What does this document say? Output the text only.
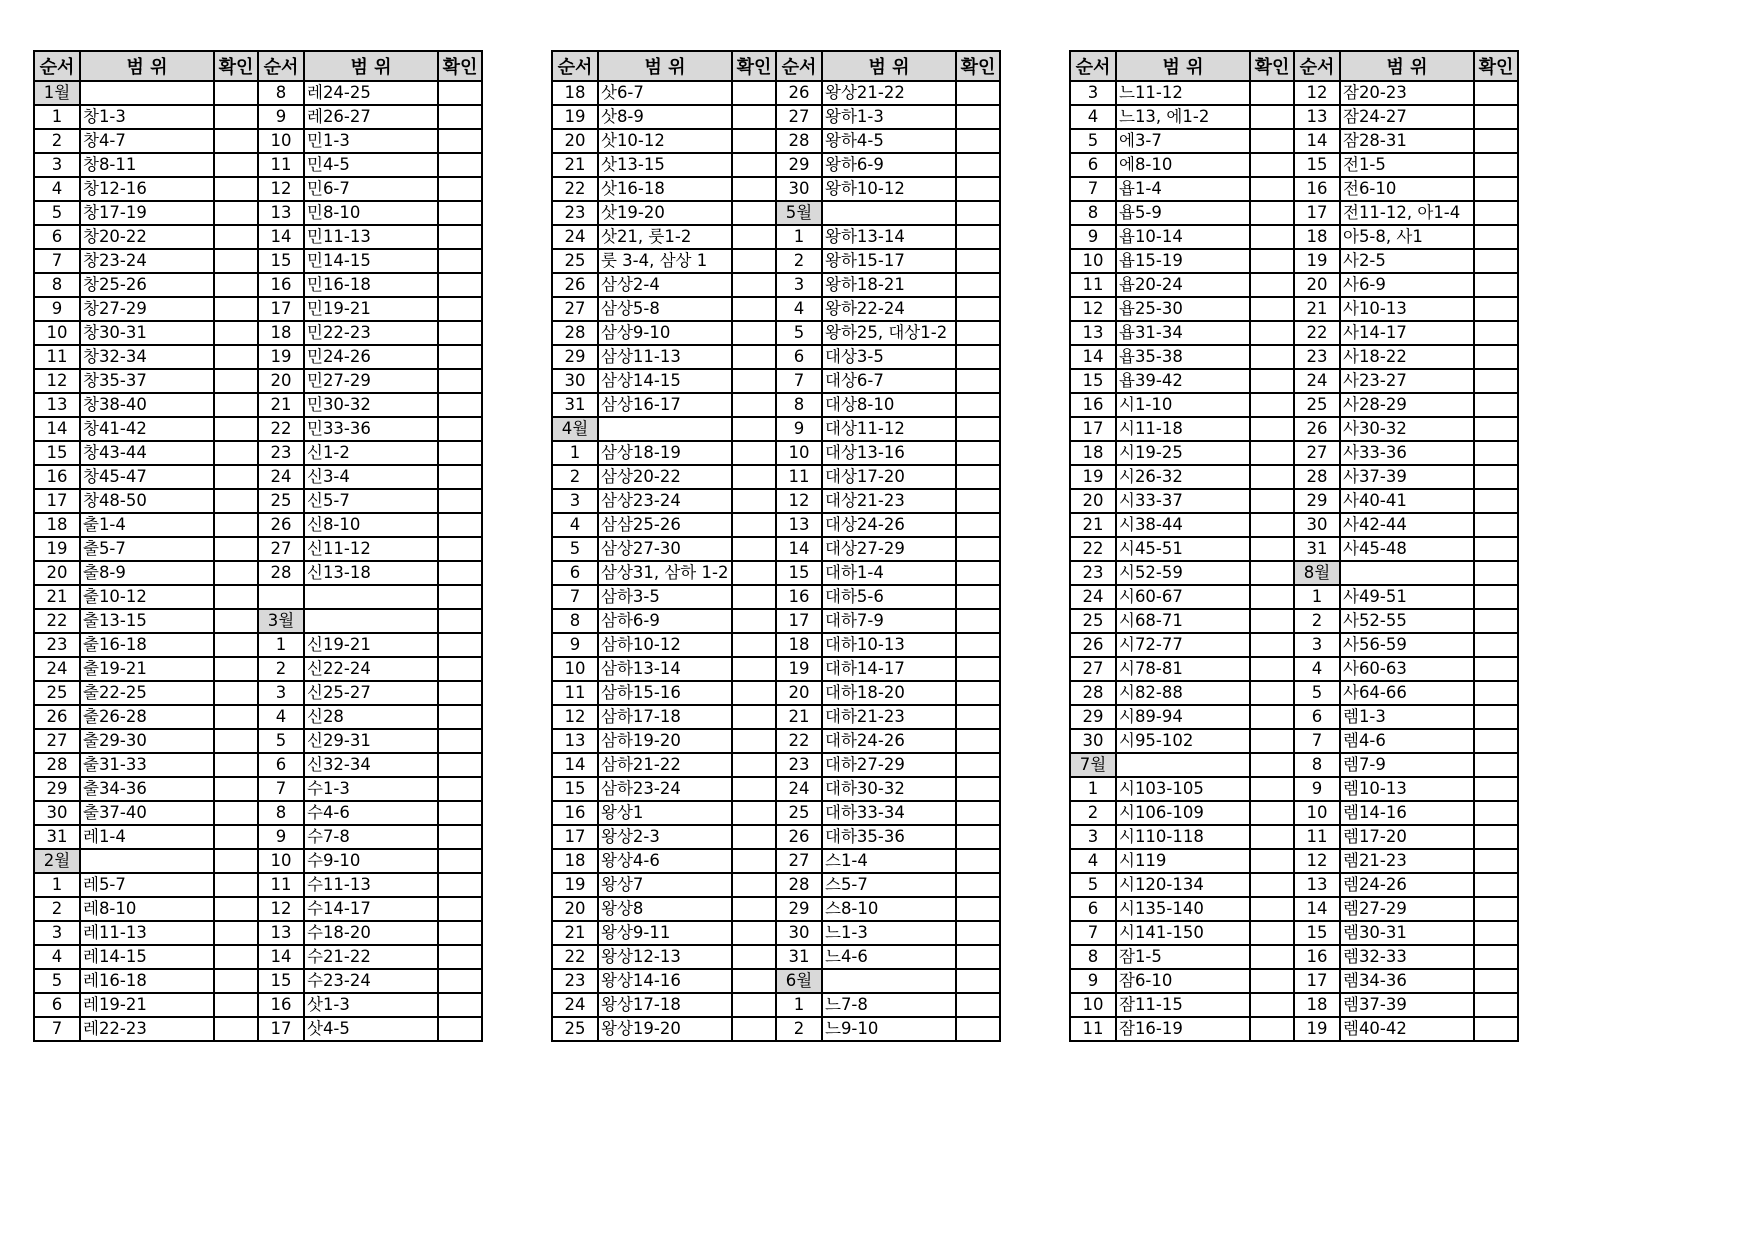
순서	범 위	확인	순서	범 위	확인
1월			8	레24-25	
1	창1-3		9	레26-27	
2	창4-7		10	민1-3	
3	창8-11		11	민4-5	
4	창12-16		12	민6-7	
5	창17-19		13	민8-10	
6	창20-22		14	민11-13	
7	창23-24		15	민14-15	
8	창25-26		16	민16-18	
9	창27-29		17	민19-21	
10	창30-31		18	민22-23	
11	창32-34		19	민24-26	
12	창35-37		20	민27-29	
13	창38-40		21	민30-32	
14	창41-42		22	민33-36	
15	창43-44		23	신1-2	
16	창45-47		24	신3-4	
17	창48-50		25	신5-7	
18	출1-4		26	신8-10	
19	출5-7		27	신11-12	
20	출8-9		28	신13-18	
21	출10-12				
22	출13-15		3월		
23	출16-18		1	신19-21	
24	출19-21		2	신22-24	
25	출22-25		3	신25-27	
26	출26-28		4	신28	
27	출29-30		5	신29-31	
28	출31-33		6	신32-34	
29	출34-36		7	수1-3	
30	출37-40		8	수4-6	
31	레1-4		9	수7-8	
2월			10	수9-10	
1	레5-7		11	수11-13	
2	레8-10		12	수14-17	
3	레11-13		13	수18-20	
4	레14-15		14	수21-22	
5	레16-18		15	수23-24	
6	레19-21		16	삿1-3	
7	레22-23		17	삿4-5	
순서	범 위	확인	순서	범 위	확인
18	삿6-7		26	왕상21-22	
19	삿8-9		27	왕하1-3	
20	삿10-12		28	왕하4-5	
21	삿13-15		29	왕하6-9	
22	삿16-18		30	왕하10-12	
23	삿19-20		5월		
24	삿21, 룻1-2		1	왕하13-14	
25	룻 3-4, 삼상 1		2	왕하15-17	
26	삼상2-4		3	왕하18-21	
27	삼상5-8		4	왕하22-24	
28	삼상9-10		5	왕하25, 대상1-2	
29	삼상11-13		6	대상3-5	
30	삼상14-15		7	대상6-7	
31	삼상16-17		8	대상8-10	
4월			9	대상11-12	
1	삼상18-19		10	대상13-16	
2	삼상20-22		11	대상17-20	
3	삼상23-24		12	대상21-23	
4	삼삼25-26		13	대상24-26	
5	삼상27-30		14	대상27-29	
6	삼상31, 삼하 1-2		15	대하1-4	
7	삼하3-5		16	대하5-6	
8	삼하6-9		17	대하7-9	
9	삼하10-12		18	대하10-13	
10	삼하13-14		19	대하14-17	
11	삼하15-16		20	대하18-20	
12	삼하17-18		21	대하21-23	
13	삼하19-20		22	대하24-26	
14	삼하21-22		23	대하27-29	
15	삼하23-24		24	대하30-32	
16	왕상1		25	대하33-34	
17	왕상2-3		26	대하35-36	
18	왕상4-6		27	스1-4	
19	왕상7		28	스5-7	
20	왕상8		29	스8-10	
21	왕상9-11		30	느1-3	
22	왕상12-13		31	느4-6	
23	왕상14-16		6월		
24	왕상17-18		1	느7-8	
25	왕상19-20		2	느9-10	
순서	범 위	확인	순서	범 위	확인
3	느11-12		12	잠20-23	
4	느13, 에1-2		13	잠24-27	
5	에3-7		14	잠28-31	
6	에8-10		15	전1-5	
7	욥1-4		16	전6-10	
8	욥5-9		17	전11-12, 아1-4	
9	욥10-14		18	아5-8, 사1	
10	욥15-19		19	사2-5	
11	욥20-24		20	사6-9	
12	욥25-30		21	사10-13	
13	욥31-34		22	사14-17	
14	욥35-38		23	사18-22	
15	욥39-42		24	사23-27	
16	시1-10		25	사28-29	
17	시11-18		26	사30-32	
18	시19-25		27	사33-36	
19	시26-32		28	사37-39	
20	시33-37		29	사40-41	
21	시38-44		30	사42-44	
22	시45-51		31	사45-48	
23	시52-59		8월		
24	시60-67		1	사49-51	
25	시68-71		2	사52-55	
26	시72-77		3	사56-59	
27	시78-81		4	사60-63	
28	시82-88		5	사64-66	
29	시89-94		6	렘1-3	
30	시95-102		7	렘4-6	
7월			8	렘7-9	
1	시103-105		9	렘10-13	
2	시106-109		10	렘14-16	
3	시110-118		11	렘17-20	
4	시119		12	렘21-23	
5	시120-134		13	렘24-26	
6	시135-140		14	렘27-29	
7	시141-150		15	렘30-31	
8	잠1-5		16	렘32-33	
9	잠6-10		17	렘34-36	
10	잠11-15		18	렘37-39	
11	잠16-19		19	렘40-42	
